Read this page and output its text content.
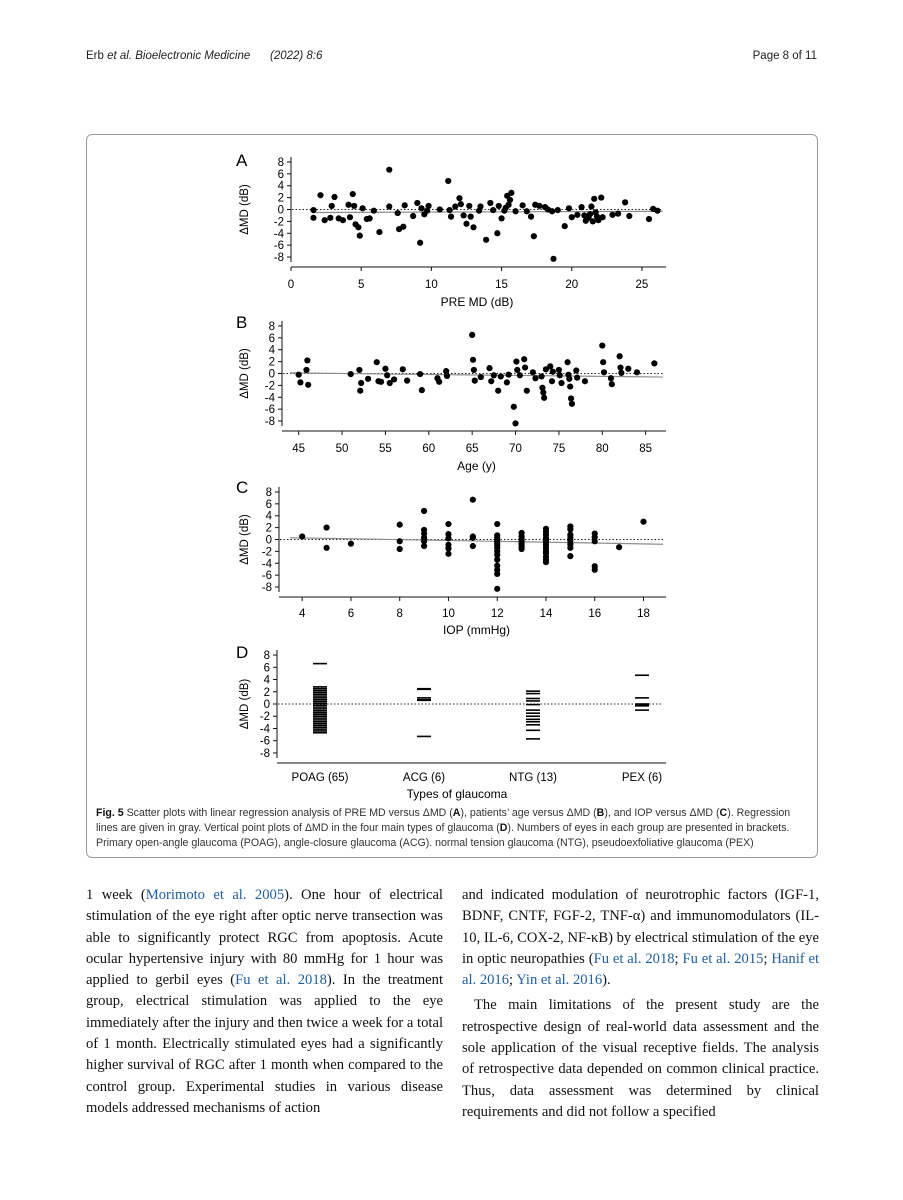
Erb et al. Bioelectronic Medicine (2022) 8:6	Page 8 of 11
A	8
6
4
2
0
-2
-4
-6
-8
ΔMD (dB)
0	5	10	15	20	25
PRE MD (dB)
B 8
6
4
2
0
-2
-4
-6
-8
ΔMD (dB)
45	50	55	60	65	70	75	80	85
Age (y)
C 8
6
4
2
0
-2
-4
-6
-8
ΔMD (dB)
4	6	8	10	12	14	16	18
IOP (mmHg)
D 8
6
4
2
0
-2
-4
-6
-8
ΔMD (dB)
POAG (65)	ACG (6)	NTG (13)	PEX (6)
Types of glaucoma
Fig. 5 Scatter plots with linear regression analysis of PRE MD versus ΔMD (A), patients’ age versus ΔMD (B), and IOP versus ΔMD (C). Regression lines are given in gray. Vertical point plots of ΔMD in the four main types of glaucoma (D). Numbers of eyes in each group are presented in brackets. Primary open-angle glaucoma (POAG), angle-closure glaucoma (ACG). normal tension glaucoma (NTG), pseudoexfoliative glaucoma (PEX)

1 week (Morimoto et al. 2005). One hour of electrical stimulation of the eye right after optic nerve transection was able to significantly protect RGC from apoptosis. Acute ocular hypertensive injury with 80 mmHg for 1 hour was applied to gerbil eyes (Fu et al. 2018). In the treatment group, electrical stimulation was applied to the eye immediately after the injury and then twice a week for a total of 1 month. Electrically stimulated eyes had a significantly higher survival of RGC after 1 month when compared to the control group. Experimental studies in various disease models addressed mechanisms of action

and indicated modulation of neurotrophic factors (IGF-1, BDNF, CNTF, FGF-2, TNF-α) and immunomodulators (IL-10, IL-6, COX-2, NF-κB) by electrical stimulation of the eye in optic neuropathies (Fu et al. 2018; Fu et al. 2015; Hanif et al. 2016; Yin et al. 2016).

The main limitations of the present study are the retrospective design of real-world data assessment and the sole application of the visual receptive fields. The analysis of retrospective data depended on common clinical practice. Thus, data assessment was determined by clinical requirements and did not follow a specified
